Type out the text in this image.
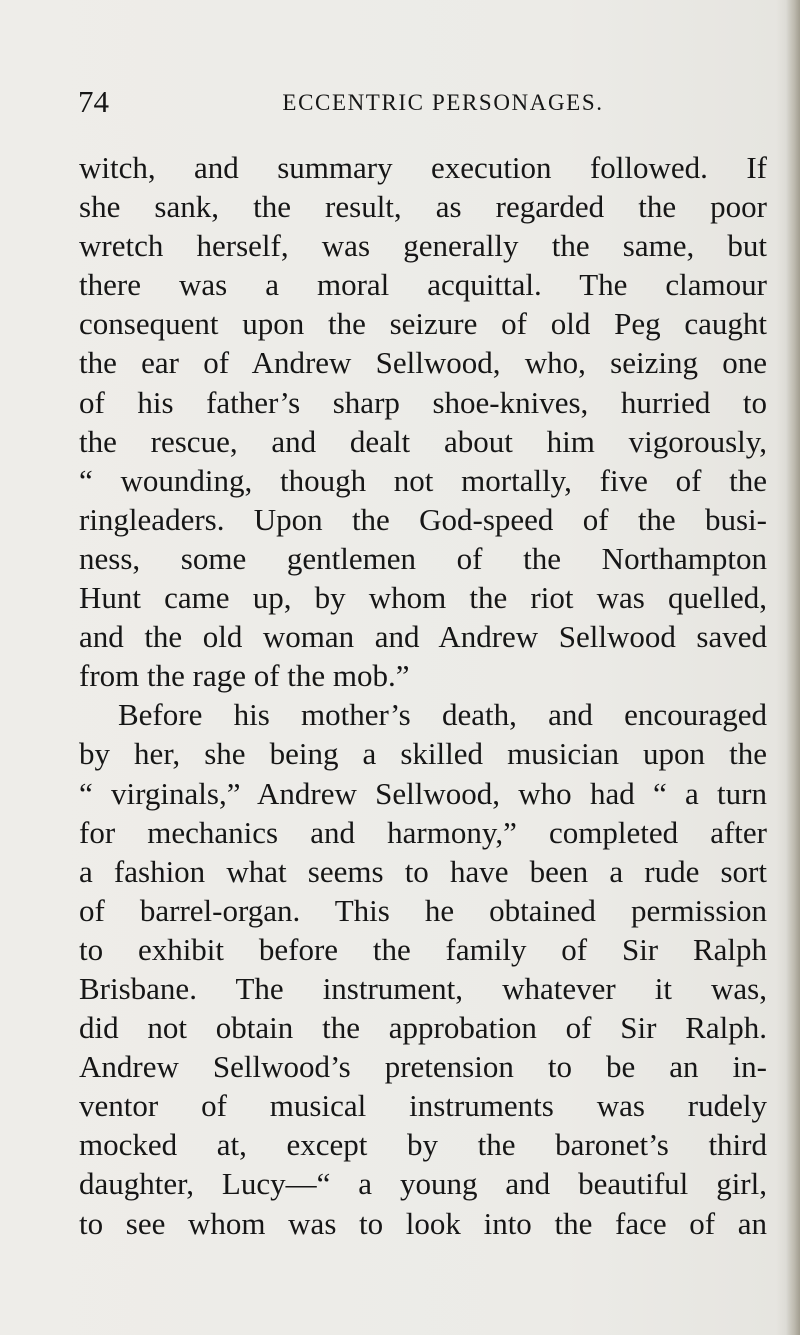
74	ECCENTRIC PERSONAGES.
witch, and summary execution followed. If
she sank, the result, as regarded the poor
wretch herself, was generally the same, but
there was a moral acquittal. The clamour
consequent upon the seizure of old Peg caught
the ear of Andrew Sellwood, who, seizing one
of his father’s sharp shoe-knives, hurried to
the rescue, and dealt about him vigorously,
“ wounding, though not mortally, five of the
ringleaders. Upon the God-speed of the busi-
ness, some gentlemen of the Northampton
Hunt came up, by whom the riot was quelled,
and the old woman and Andrew Sellwood saved
from the rage of the mob.”
Before his mother’s death, and encouraged
by her, she being a skilled musician upon the
“ virginals,” Andrew Sellwood, who had “ a turn
for mechanics and harmony,” completed after
a fashion what seems to have been a rude sort
of barrel-organ. This he obtained permission
to exhibit before the family of Sir Ralph
Brisbane. The instrument, whatever it was,
did not obtain the approbation of Sir Ralph.
Andrew Sellwood’s pretension to be an in-
ventor of musical instruments was rudely
mocked at, except by the baronet’s third
daughter, Lucy—“ a young and beautiful girl,
to see whom was to look into the face of an
